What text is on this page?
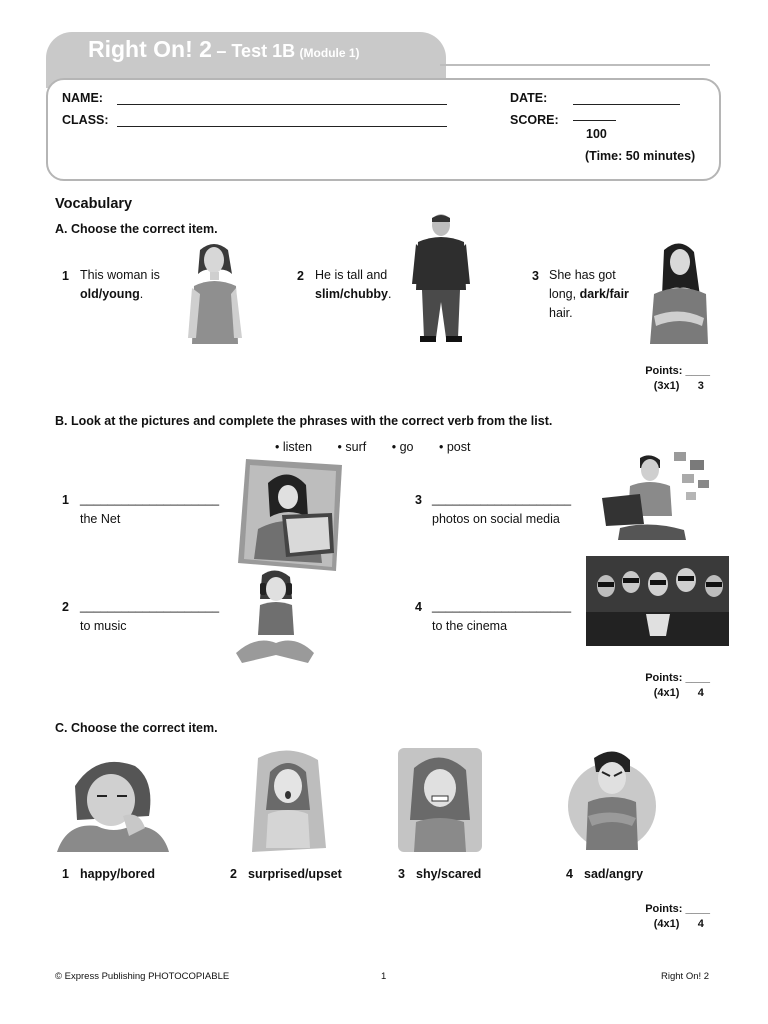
Right On! 2 – Test 1B (Module 1)
NAME:
CLASS:
DATE:
SCORE:
100
(Time: 50 minutes)
Vocabulary
A. Choose the correct item.
1 This woman is
old/young.
2 He is tall and
slim/chubby.
3 She has got
long, dark/fair
hair.
Points: ____
(3x1) 3
B. Look at the pictures and complete the phrases with the correct verb from the list.
• listen • surf • go • post
1 ____________________
the Net
2 ____________________
to music
3 ____________________
photos on social media
4 ____________________
to the cinema
Points: ____
(4x1) 4
C. Choose the correct item.
1 happy/bored	2 surprised/upset	3 shy/scared	4 sad/angry
Points: ____
(4x1) 4
© Express Publishing PHOTOCOPIABLE	1	Right On! 2
